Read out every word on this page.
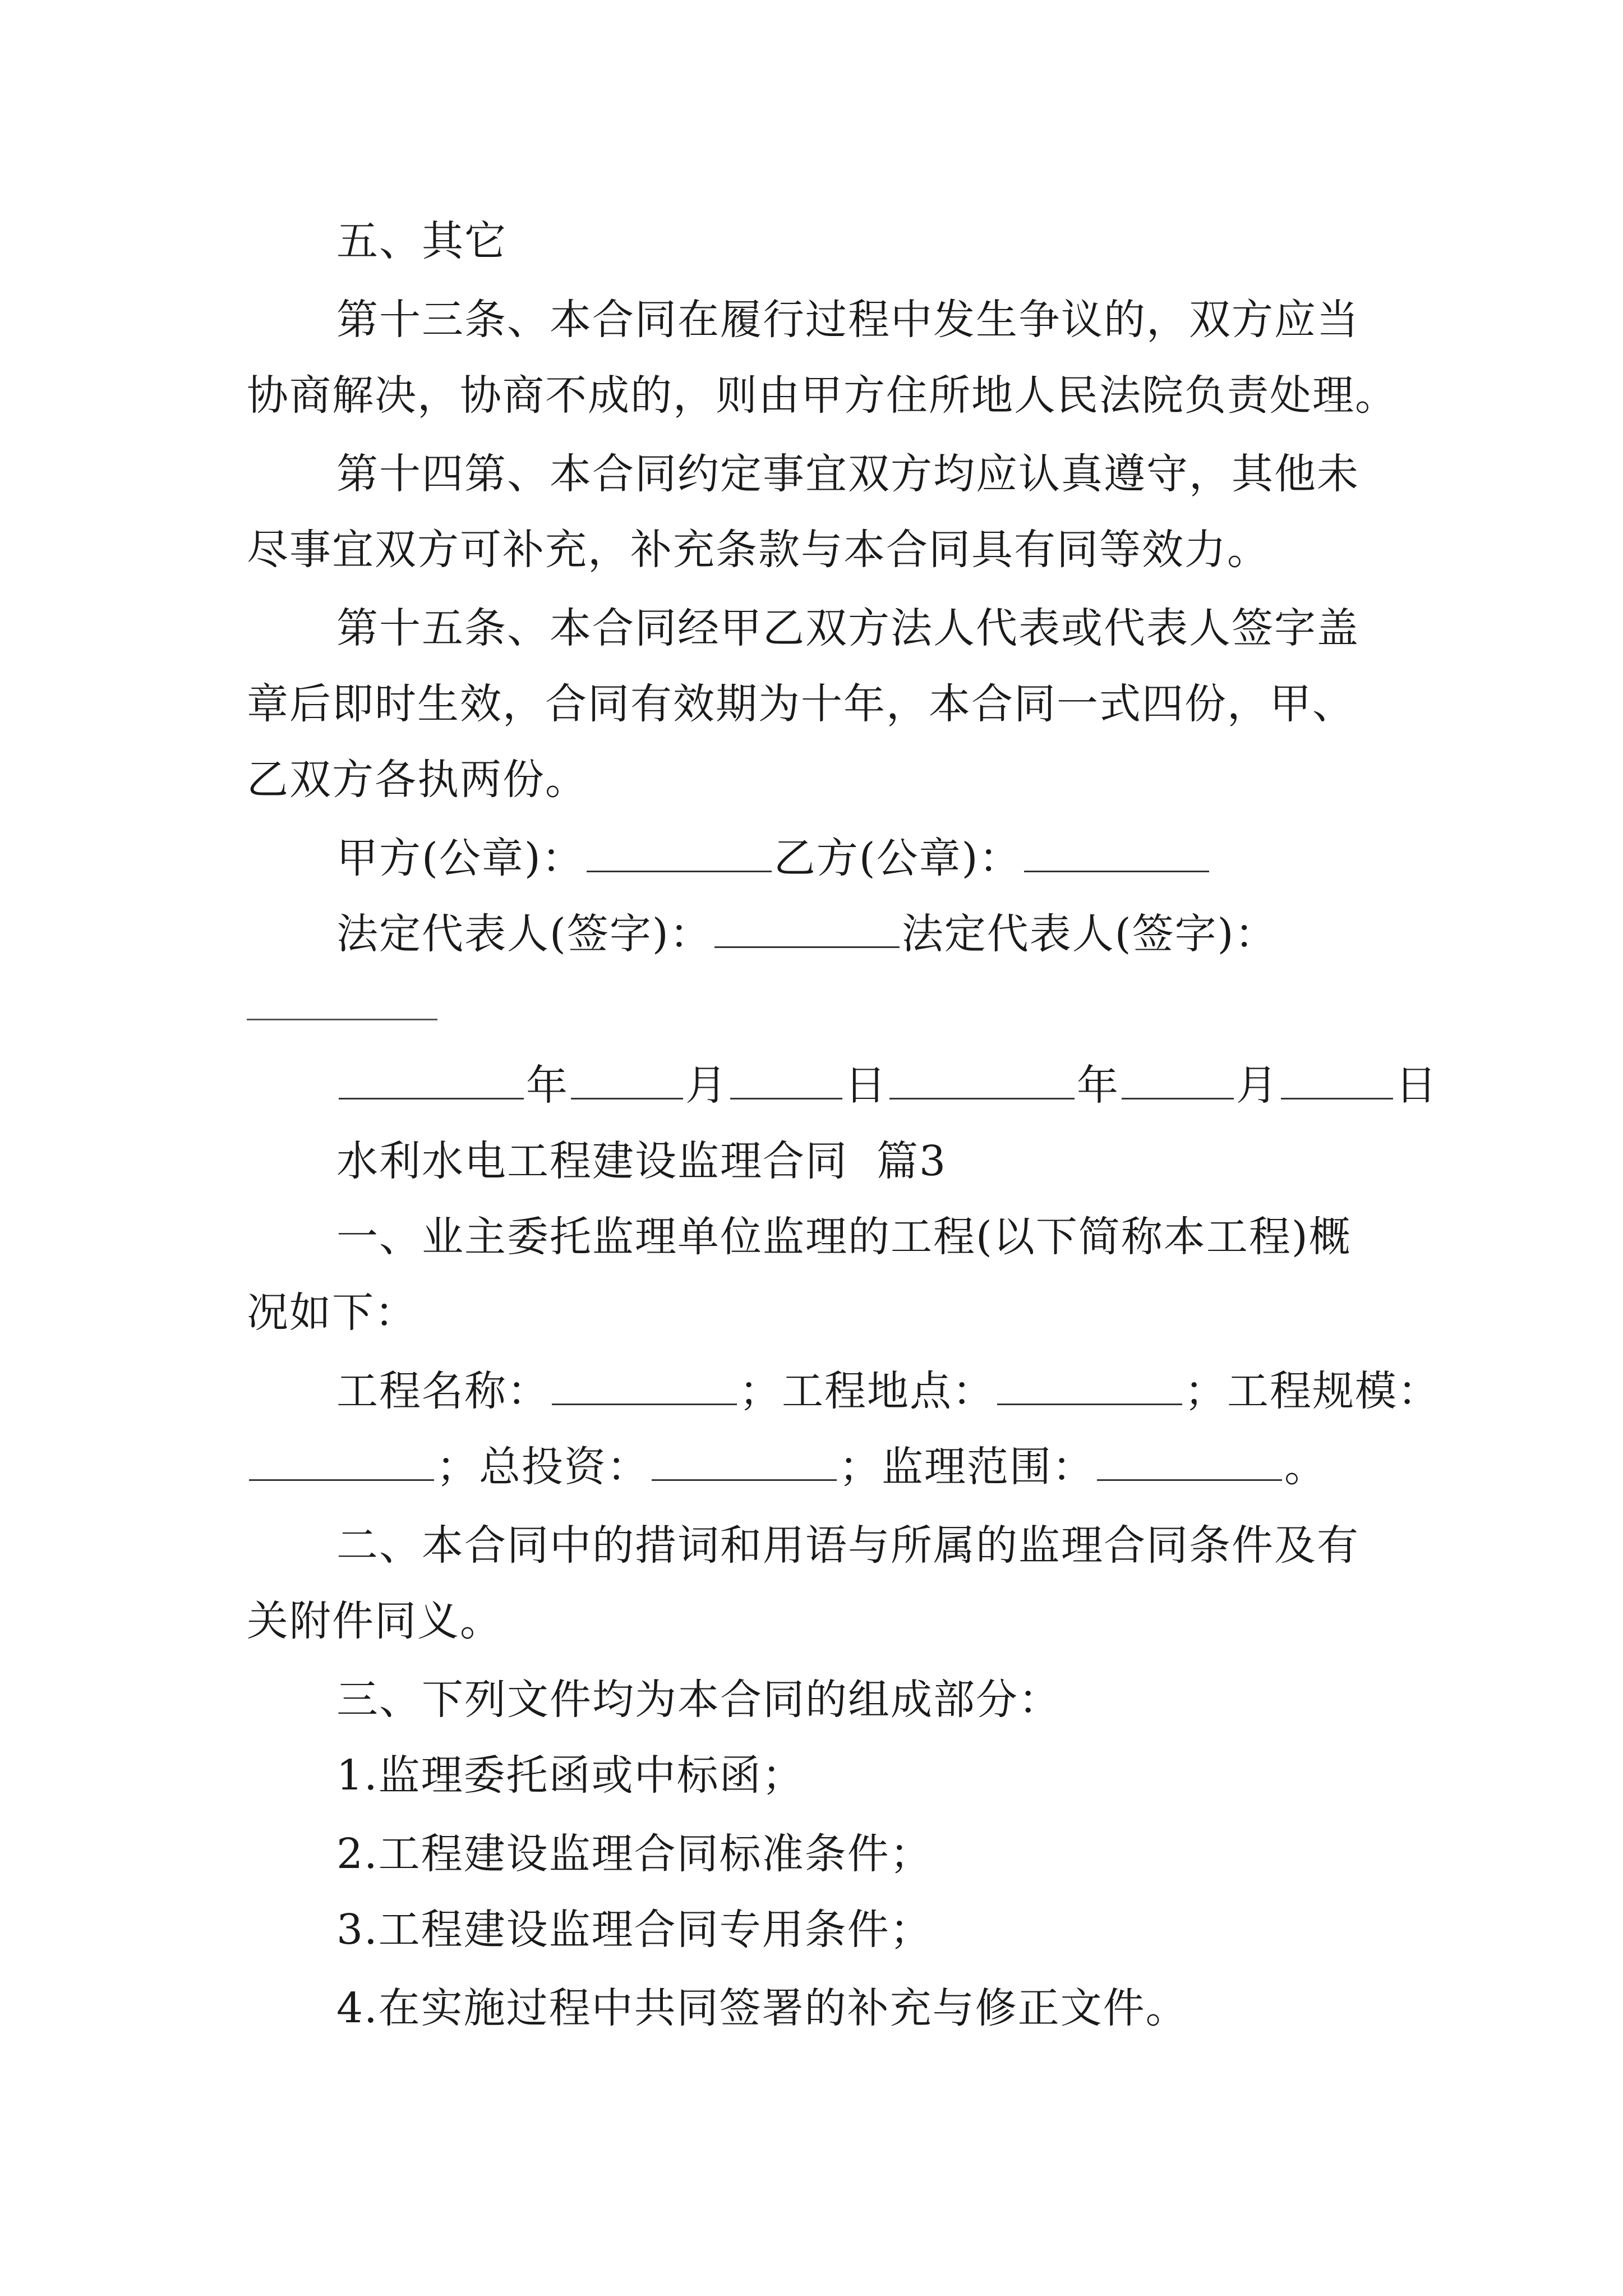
五、其它
第十三条、本合同在履行过程中发生争议的，双方应当
协商解决，协商不成的，则由甲方住所地人民法院负责处理。
第十四第、本合同约定事宜双方均应认真遵守，其他未
尽事宜双方可补充，补充条款与本合同具有同等效力。
第十五条、本合同经甲乙双方法人代表或代表人签字盖
章后即时生效，合同有效期为十年，本合同一式四份，甲、
乙双方各执两份。
甲方(公章)：	乙方(公章)：
法定代表人(签字)：	法定代表人(签字)：
年	月	日	年	月	日
水利水电工程建设监理合同  篇3
一、业主委托监理单位监理的工程(以下简称本工程)概
况如下：
工程名称：	；工程地点：	；工程规模：
；总投资：	；监理范围：	。
二、本合同中的措词和用语与所属的监理合同条件及有
关附件同义。
三、下列文件均为本合同的组成部分：
1.监理委托函或中标函；
2.工程建设监理合同标准条件；
3.工程建设监理合同专用条件；
4.在实施过程中共同签署的补充与修正文件。
